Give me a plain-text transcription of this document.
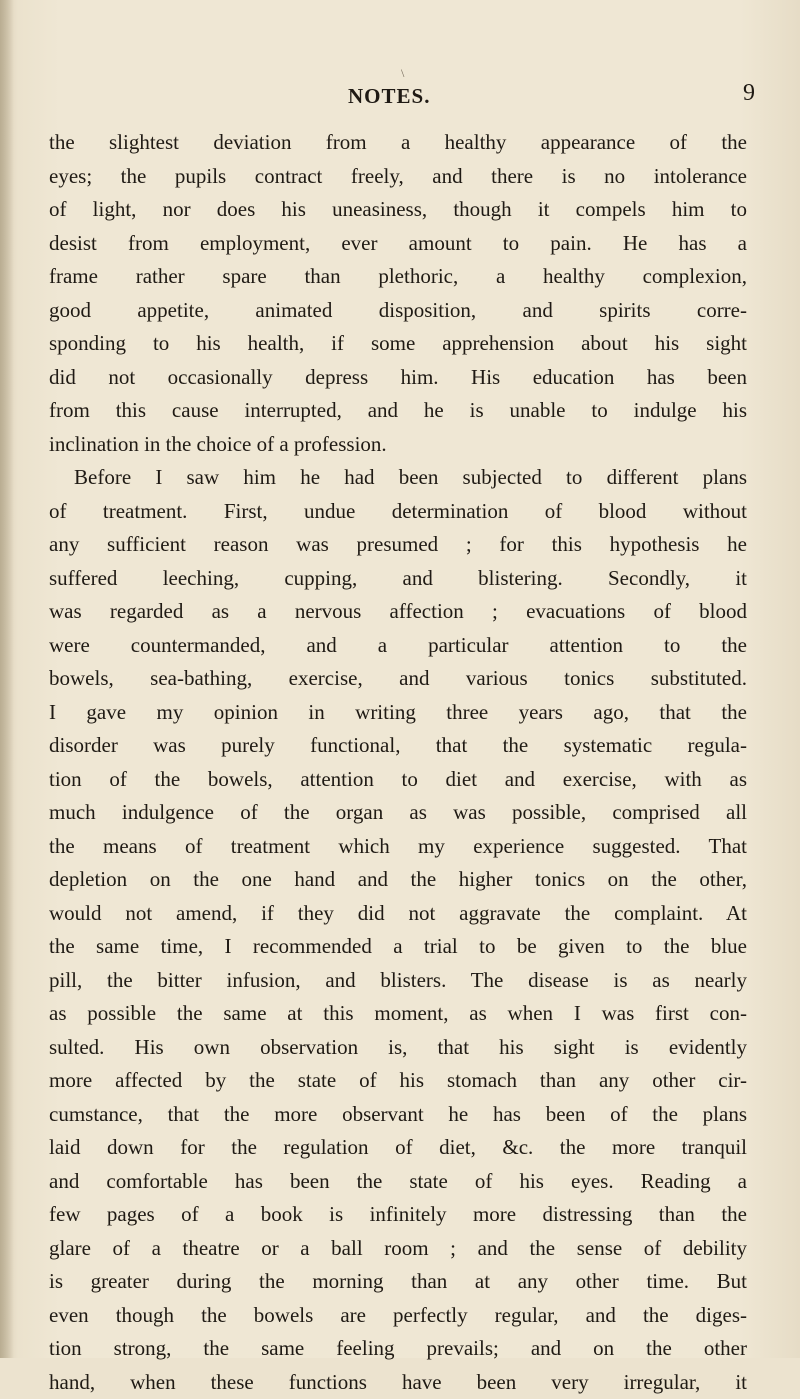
\
NOTES.	9
the slightest deviation from a healthy appearance of the
eyes; the pupils contract freely, and there is no intolerance
of light, nor does his uneasiness, though it compels him to
desist from employment, ever amount to pain. He has a
frame rather spare than plethoric, a healthy complexion,
good appetite, animated disposition, and spirits corre-
sponding to his health, if some apprehension about his sight
did not occasionally depress him. His education has been
from this cause interrupted, and he is unable to indulge his
inclination in the choice of a profession.
Before I saw him he had been subjected to different plans
of treatment. First, undue determination of blood without
any sufficient reason was presumed ; for this hypothesis he
suffered leeching, cupping, and blistering. Secondly, it
was regarded as a nervous affection ; evacuations of blood
were countermanded, and a particular attention to the
bowels, sea-bathing, exercise, and various tonics substituted.
I gave my opinion in writing three years ago, that the
disorder was purely functional, that the systematic regula-
tion of the bowels, attention to diet and exercise, with as
much indulgence of the organ as was possible, comprised all
the means of treatment which my experience suggested. That
depletion on the one hand and the higher tonics on the other,
would not amend, if they did not aggravate the complaint. At
the same time, I recommended a trial to be given to the blue
pill, the bitter infusion, and blisters. The disease is as nearly
as possible the same at this moment, as when I was first con-
sulted. His own observation is, that his sight is evidently
more affected by the state of his stomach than any other cir-
cumstance, that the more observant he has been of the plans
laid down for the regulation of diet, &c. the more tranquil
and comfortable has been the state of his eyes. Reading a
few pages of a book is infinitely more distressing than the
glare of a theatre or a ball room ; and the sense of debility
is greater during the morning than at any other time. But
even though the bowels are perfectly regular, and the diges-
tion strong, the same feeling prevails; and on the other
hand, when these functions have been very irregular, it
